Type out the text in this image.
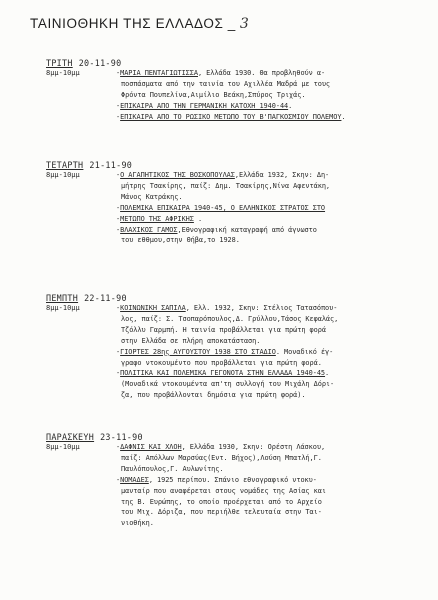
ΤΑΙΝΙΟΘΗΚΗ ΤΗΣ ΕΛΛΑΔΟΣ _ 3
ΤΡΙΤΗ 20-11-90
8μμ-10μμ	-ΜΑΡΙΑ ΠΕΝΤΑΓΙΩΤΙΣΣΑ, Ελλάδα 1930. Θα προβληθούν α-
ποσπάσματα από την ταινία του Αχιλλέα Μαδρά με τους
Φρόντα Πουπελίνα,Αιμίλιο Βεάκη,Σπύρος Τριχάς.
-ΕΠΙΚΑΙΡΑ ΑΠΟ ΤΗΝ ΓΕΡΜΑΝΙΚΗ ΚΑΤΟΧΗ 1940-44.
-ΕΠΙΚΑΙΡΑ ΑΠΟ ΤΟ ΡΩΣΙΚΟ ΜΕΤΩΠΟ ΤΟΥ Β'ΠΑΓΚΟΣΜΙΟΥ ΠΟΛΕΜΟΥ.
ΤΕΤΑΡΤΗ 21-11-90
8μμ-10μμ	-Ο ΑΓΑΠΗΤΙΚΟΣ ΤΗΣ ΒΟΣΚΟΠΟΥΛΑΣ,Ελλάδα 1932, Σκην: Δη-
μήτρης Τσακίρης, παίζ: Δημ. Τσακίρης,Νίνα Αφεντάκη,
Μάνος Κατράκης.
-ΠΟΛΕΜΙΚΑ ΕΠΙΚΑΙΡΑ 1940-45, Ο ΕΛΛΗΝΙΚΟΣ ΣΤΡΑΤΟΣ ΣΤΟ
-ΜΕΤΩΠΟ ΤΗΣ ΑΦΡΙΚΗΣ .
-ΒΛΑΧΙΚΟΣ ΓΑΜΟΣ,Εθνογραφική καταγραφή από άγνωστο
του εθθμου,στην Θήβα,το 1928.
ΠΕΜΠΤΗ 22-11-90
8μμ-10μμ	-ΚΟΙΝΩΝΙΚΗ ΣΑΠΙΛΑ, Ελλ. 1932, Σκην: Στέλιος Τατασόπου-
λος, παίζ: Σ. Τσοπαρόπουλος,Δ. Γρύλλου,Τάσος Κεφαλάς,
Τζόλλυ Γαρμπή. Η ταινία προβάλλεται για πρώτη φορά
στην Ελλάδα σε πλήρη αποκατάσταση.
-ΓΙΟΡΤΕΣ 28ης ΑΥΓΟΥΣΤΟΥ 1938 ΣΤΟ ΣΤΑΔΙΟ. Μοναδικό έγ-
γραφο ντοκουμέντο που προβάλλεται για πρώτη φορά.
-ΠΟΛΙΤΙΚΑ ΚΑΙ ΠΟΛΕΜΙΚΑ ΓΕΓΟΝΟΤΑ ΣΤΗΝ ΕΛΛΑΔΑ 1940-45.
(Μοναδικά ντοκουμέντα απ'τη συλλογή του Μιχάλη Δόρι-
ζα, που προβάλλονται δημόσια για πρώτη φορά).
ΠΑΡΑΣΚΕΥΗ 23-11-90
8μμ-10μμ	-ΔΑΦΝΙΣ ΚΑΙ ΧΛΟΗ, Ελλάδα 1930, Σκην: Ορέστη Λάσκου,
παίζ: Απόλλων Μαρσύας(Εντ. Βήχος),Λούση Μπατλή,Γ.
Παυλόπουλος,Γ. Αυλωνίτης.
-ΝΟΜΑΔΕΣ, 1925 περίπου. Σπάνιο εθνογραφικό ντοκυ-
μανταίρ που αναφέρεται στους νομάδες της Ασίας και
της Β. Ευρώπης, το οποίο προέρχεται από το Αρχείο
του Μιχ. Δόριζα, που περιήλθε τελευταία στην Ται-
νιοθήκη.
